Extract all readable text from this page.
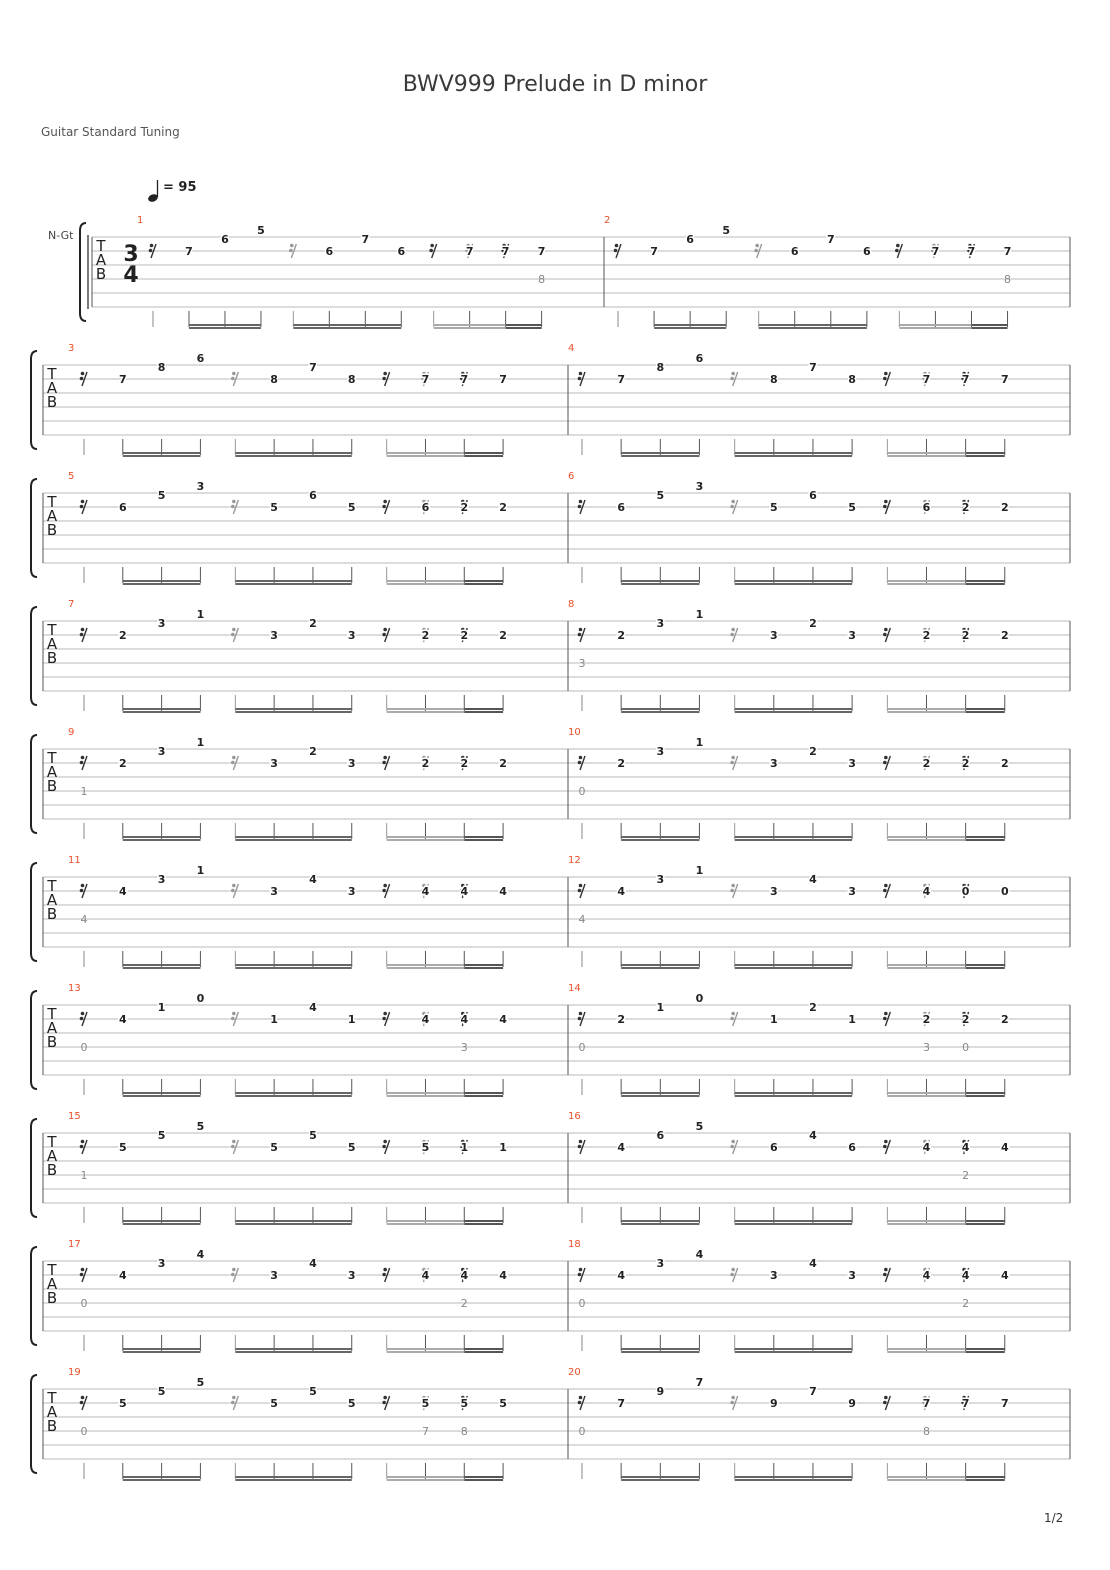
BWV999 Prelude in D minor
Guitar Standard Tuning
N-Gt
= 95
1/2
T
A
B
3
4
1
7
6
5
6
7
6	7	7	7
8
2
7
6
5
6
7
6	7	7	7
8
T
A
B
3
7
8
6
8
7
8	7	7	7
4
7
8
6
8
7
8	7	7	7
T
A
B
5
6
5
3
5
6
5	6	2	2
6
6
5
3
5
6
5	6	2	2
T
A
B
7
2
3
1
3
2
3	2	2	2
8
3
2
3
1
3
2
3	2	2	2
T
A
B
9
1
2
3
1
3
2
3	2	2	2
10
0
2
3
1
3
2
3	2	2	2
T
A
B
11
4
4
3
1
3
4
3	4	4	4
12
4
4
3
1
3
4
3	4	0	0
T
A
B
13
0
4
1
0
1
4
1	4	4	4
3
14
0
2
1
0
1
2
1	2	2	2
3	0
T
A
B
15
1
5
5
5
5
5
5	5	1	1
16
4
6
5
6
4
6	4	4	4
2
T
A
B
17
0
4
3
4
3
4
3	4	4	4
2
18
0
4
3
4
3
4
3	4	4	4
2
T
A
B
19
0
5
5
5
5
5
5	5	5	5
7	8
20
0
7
9
7
9
7
9	7	7	7
8
